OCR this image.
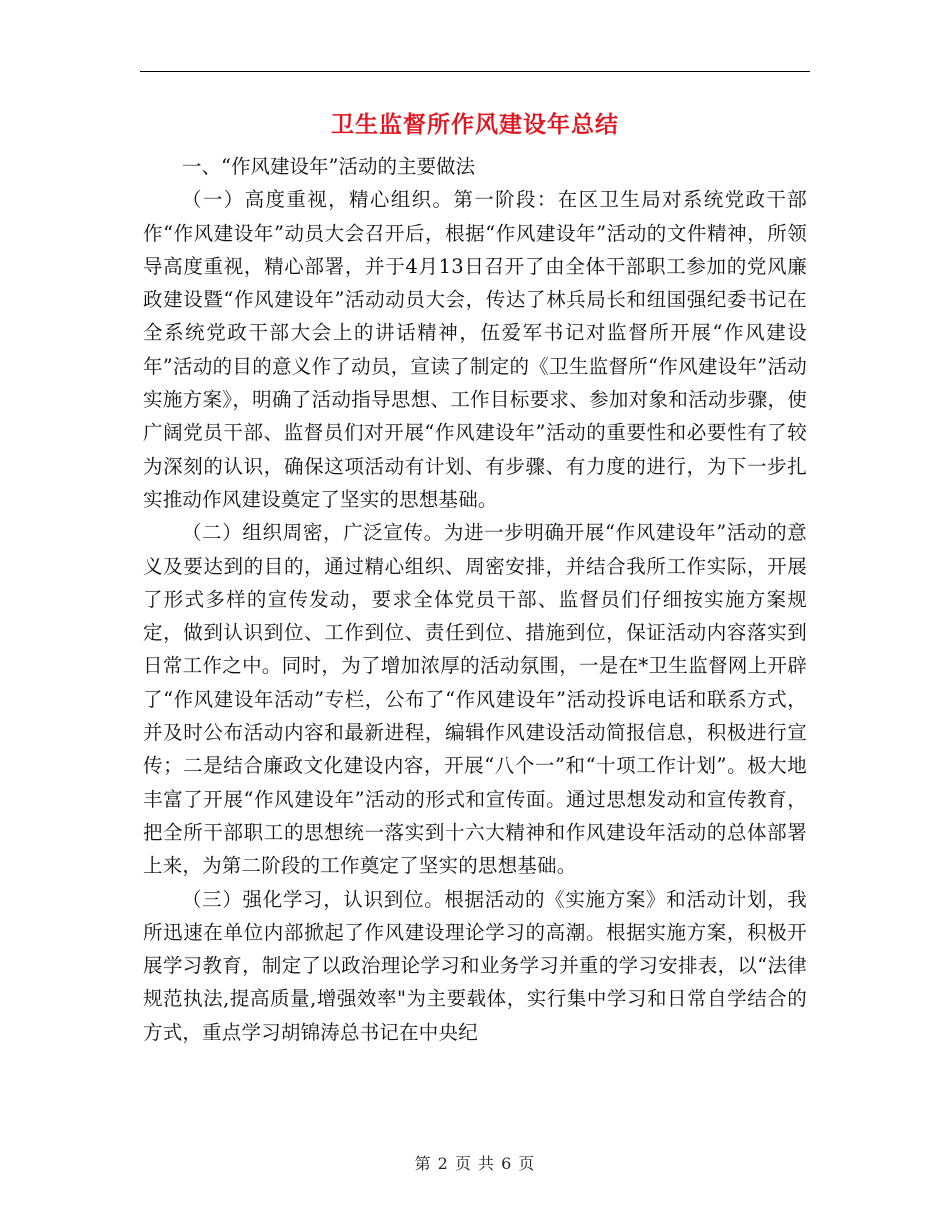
卫生监督所作风建设年总结

一、“作风建设年”活动的主要做法

（一）高度重视，精心组织。第一阶段：在区卫生局对系统党政干部作“作风建设年”动员大会召开后，根据“作风建设年”活动的文件精神，所领导高度重视，精心部署，并于4月13日召开了由全体干部职工参加的党风廉政建设暨“作风建设年”活动动员大会，传达了林兵局长和纽国强纪委书记在全系统党政干部大会上的讲话精神，伍爱军书记对监督所开展“作风建设年”活动的目的意义作了动员，宣读了制定的《卫生监督所“作风建设年”活动实施方案》，明确了活动指导思想、工作目标要求、参加对象和活动步骤，使广阔党员干部、监督员们对开展“作风建设年”活动的重要性和必要性有了较为深刻的认识，确保这项活动有计划、有步骤、有力度的进行，为下一步扎实推动作风建设奠定了坚实的思想基础。

（二）组织周密，广泛宣传。为进一步明确开展“作风建设年”活动的意义及要达到的目的，通过精心组织、周密安排，并结合我所工作实际，开展了形式多样的宣传发动，要求全体党员干部、监督员们仔细按实施方案规定，做到认识到位、工作到位、责任到位、措施到位，保证活动内容落实到日常工作之中。同时，为了增加浓厚的活动氛围，一是在*卫生监督网上开辟了“作风建设年活动”专栏，公布了“作风建设年”活动投诉电话和联系方式，并及时公布活动内容和最新进程，编辑作风建设活动简报信息，积极进行宣传；二是结合廉政文化建设内容，开展“八个一”和“十项工作计划”。极大地丰富了开展“作风建设年”活动的形式和宣传面。通过思想发动和宣传教育，把全所干部职工的思想统一落实到十六大精神和作风建设年活动的总体部署上来，为第二阶段的工作奠定了坚实的思想基础。

（三）强化学习，认识到位。根据活动的《实施方案》和活动计划，我所迅速在单位内部掀起了作风建设理论学习的高潮。根据实施方案，积极开展学习教育，制定了以政治理论学习和业务学习并重的学习安排表，以“法律规范执法,提高质量,增强效率"为主要载体，实行集中学习和日常自学结合的方式，重点学习胡锦涛总书记在中央纪

第 2 页 共 6 页
